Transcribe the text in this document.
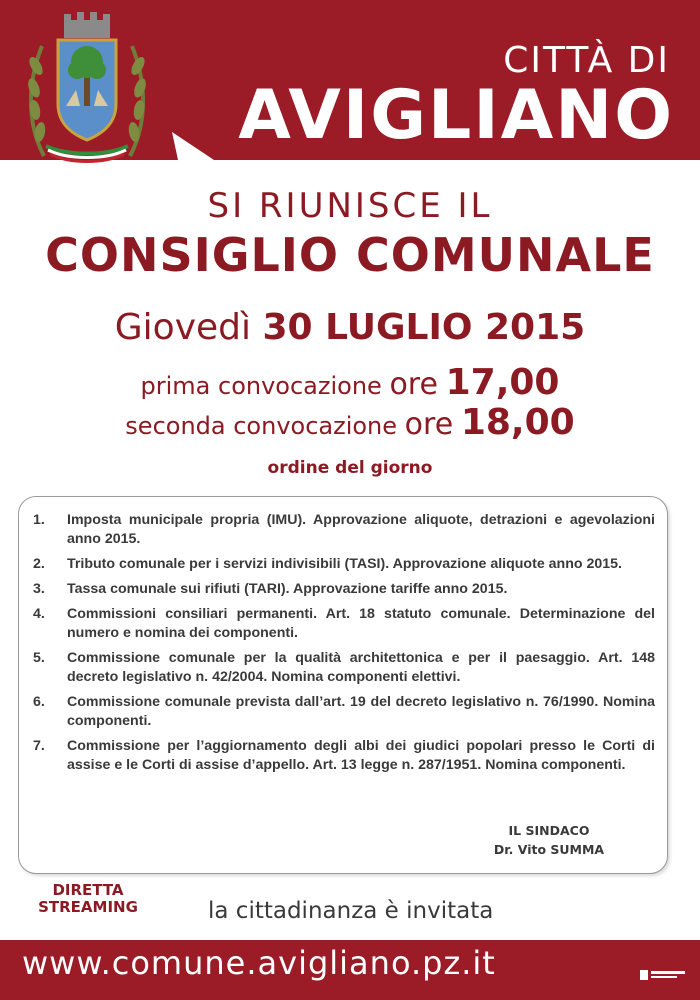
CITTÀ DI
AVIGLIANO
SI RIUNISCE IL
CONSIGLIO COMUNALE
Giovedì 30 LUGLIO 2015
prima convocazione ore 17,00
seconda convocazione ore 18,00
ordine del giorno
1.	Imposta municipale propria (IMU). Approvazione aliquote, detrazioni e agevolazioni anno 2015.
2.	Tributo comunale per i servizi indivisibili (TASI). Approvazione aliquote anno 2015.
3.	Tassa comunale sui rifiuti (TARI). Approvazione tariffe anno 2015.
4.	Commissioni consiliari permanenti. Art. 18 statuto comunale. Determinazione del numero e nomina dei componenti.
5.	Commissione comunale per la qualità architettonica e per il paesaggio. Art. 148 decreto legislativo n. 42/2004. Nomina componenti elettivi.
6.	Commissione comunale prevista dall’art. 19 del decreto legislativo n. 76/1990. Nomina componenti.
7.	Commissione per l’aggiornamento degli albi dei giudici popolari presso le Corti di assise e le Corti di assise d’appello. Art. 13 legge n. 287/1951. Nomina componenti.
IL SINDACO
Dr. Vito SUMMA
DIRETTA
STREAMING	la cittadinanza è invitata
www.comune.avigliano.pz.it
